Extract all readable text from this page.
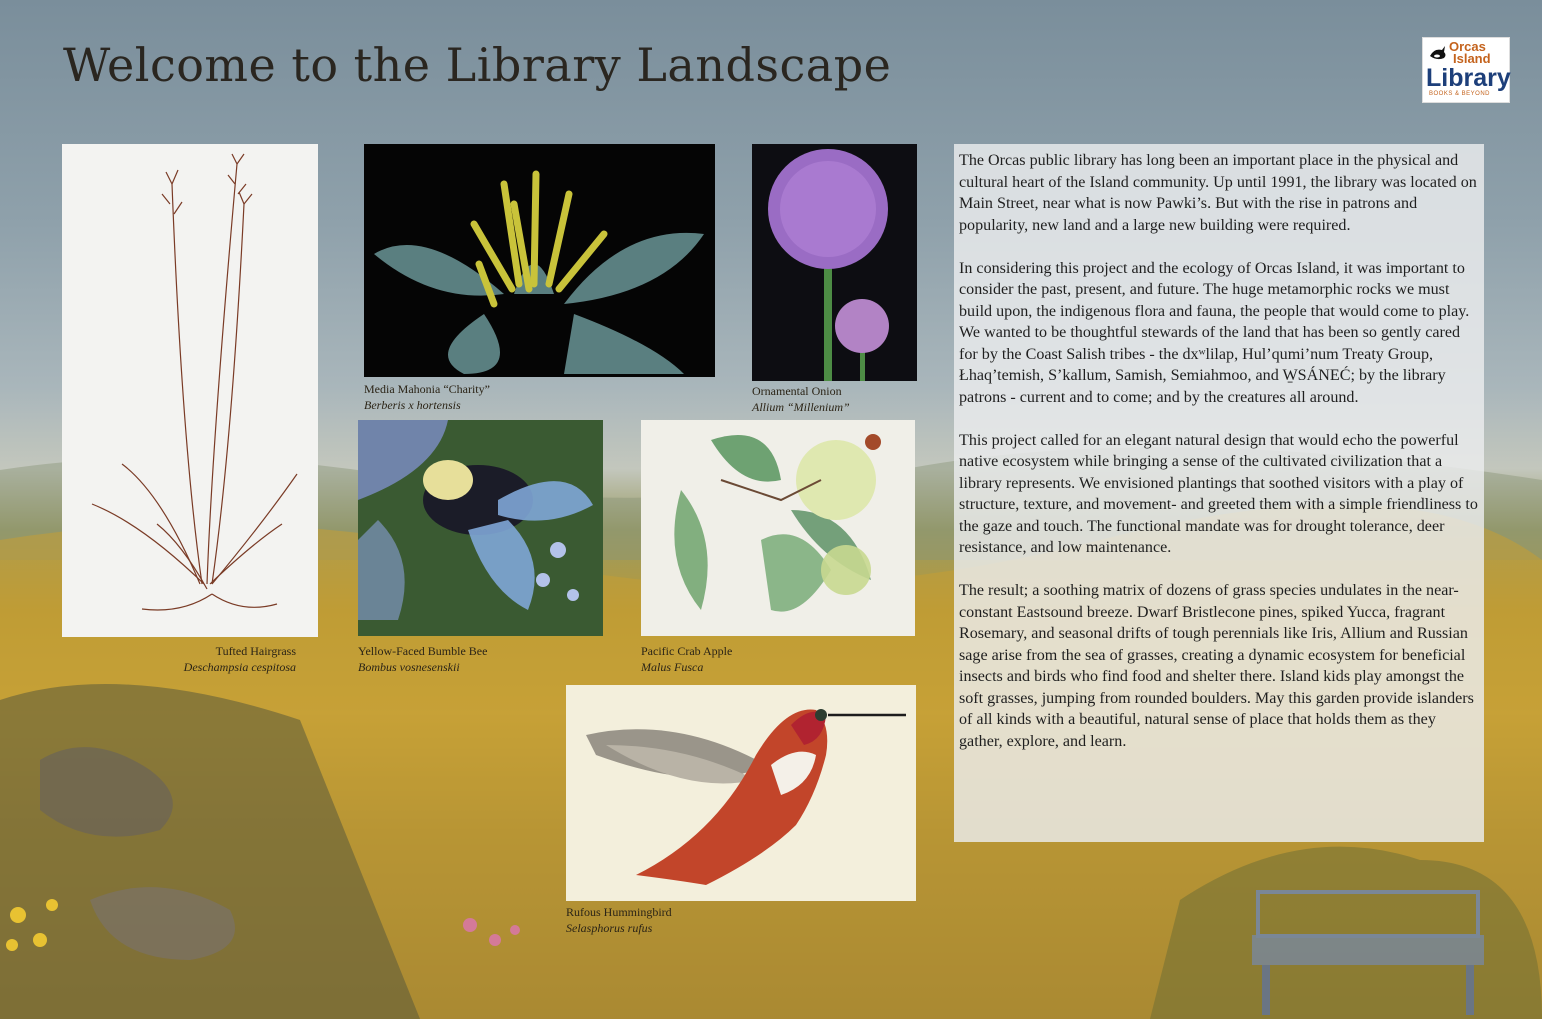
Welcome to the Library Landscape	Orcas
Island
Library
BOOKS & BEYOND
Tufted Hairgrass
Deschampsia cespitosa
Media Mahonia “Charity”
Berberis x hortensis
Ornamental Onion
Allium “Millenium”
Yellow-Faced Bumble Bee
Bombus vosnesenskii
Pacific Crab Apple
Malus Fusca
Rufous Hummingbird
Selasphorus rufus

The Orcas public library has long been an important place in the physical and cultural heart of the Island community. Up until 1991, the library was located on Main Street, near what is now Pawki’s. But with the rise in patrons and popularity, new land and a large new building were required.

In considering this project and the ecology of Orcas Island, it was important to consider the past, present, and future. The huge metamorphic rocks we must build upon, the indigenous flora and fauna, the people that would come to play. We wanted to be thoughtful stewards of the land that has been so gently cared for by the Coast Salish tribes - the dxʷlilap, Hul’qumi’num Treaty Group, Łhaq’temish, S’kallum, Samish, Semiahmoo, and W̱SÁNEĆ; by the library patrons - current and to come; and by the creatures all around.

This project called for an elegant natural design that would echo the powerful native ecosystem while bringing a sense of the cultivated civilization that a library represents. We envisioned plantings that soothed visitors with a play of structure, texture, and movement- and greeted them with a simple friendliness to the gaze and touch. The functional mandate was for drought tolerance, deer resistance, and low maintenance.

The result; a soothing matrix of dozens of grass species undulates in the near-constant Eastsound breeze. Dwarf Bristlecone pines, spiked Yucca, fragrant Rosemary, and seasonal drifts of tough perennials like Iris, Allium and Russian sage arise from the sea of grasses, creating a dynamic ecosystem for beneficial insects and birds who find food and shelter there. Island kids play amongst the soft grasses, jumping from rounded boulders. May this garden provide islanders of all kinds with a beautiful, natural sense of place that holds them as they gather, explore, and learn.
